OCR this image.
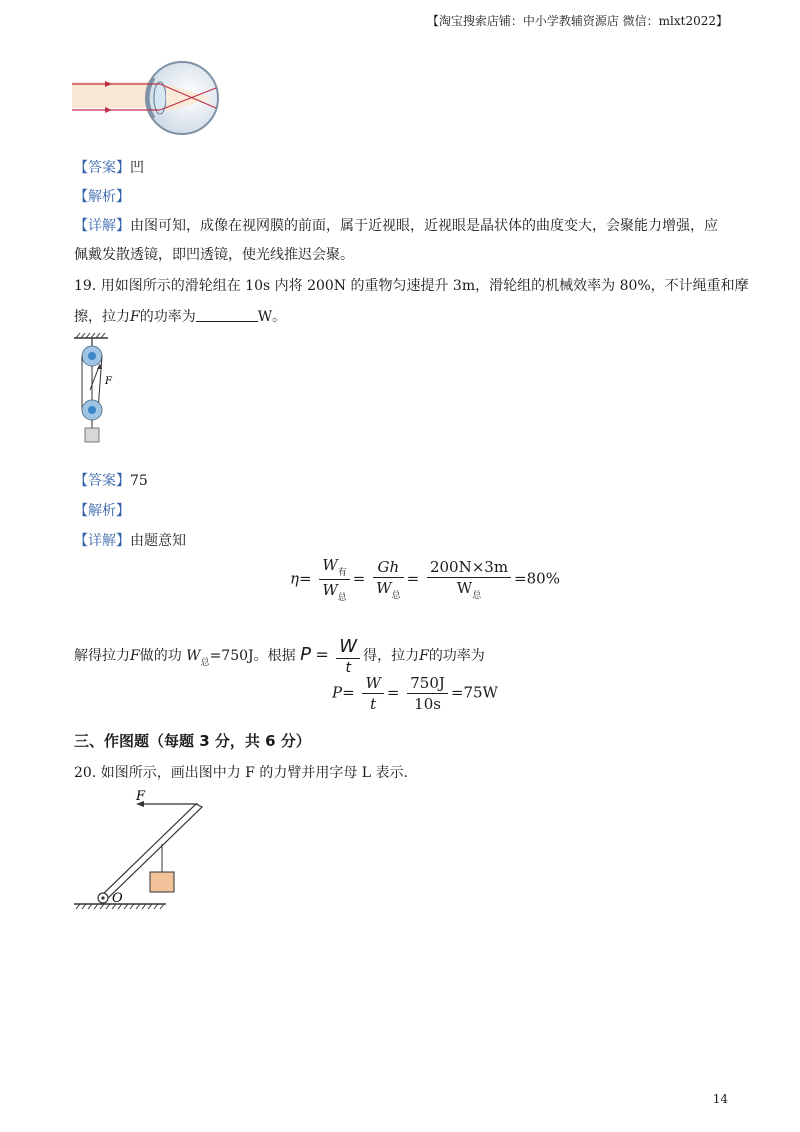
【淘宝搜索店铺：中小学教辅资源店 微信：mlxt2022】
【答案】凹
【解析】
【详解】由图可知，成像在视网膜的前面，属于近视眼，近视眼是晶状体的曲度变大，会聚能力增强，应
佩戴发散透镜，即凹透镜，使光线推迟会聚。
19. 用如图所示的滑轮组在 10s 内将 200N 的重物匀速提升 3m，滑轮组的机械效率为 80%，不计绳重和摩
擦，拉力F的功率为	W。
F
【答案】75
【解析】
【详解】由题意知
$\eta= \frac{W_有}{W_总} = \frac{Gh}{W_总} = \frac{200N\times 3m}{W_总} =80\%$
解得拉力F做的功 $W_总=750J$。根据 $P = \frac{W}{t}$ 得，拉力F的功率为
$P= \frac{W}{t} = \frac{750J}{10s} =75W$
三、作图题（每题 3 分，共 6 分）
20. 如图所示，画出图中力 F 的力臂并用字母 L 表示.
O
F
14
